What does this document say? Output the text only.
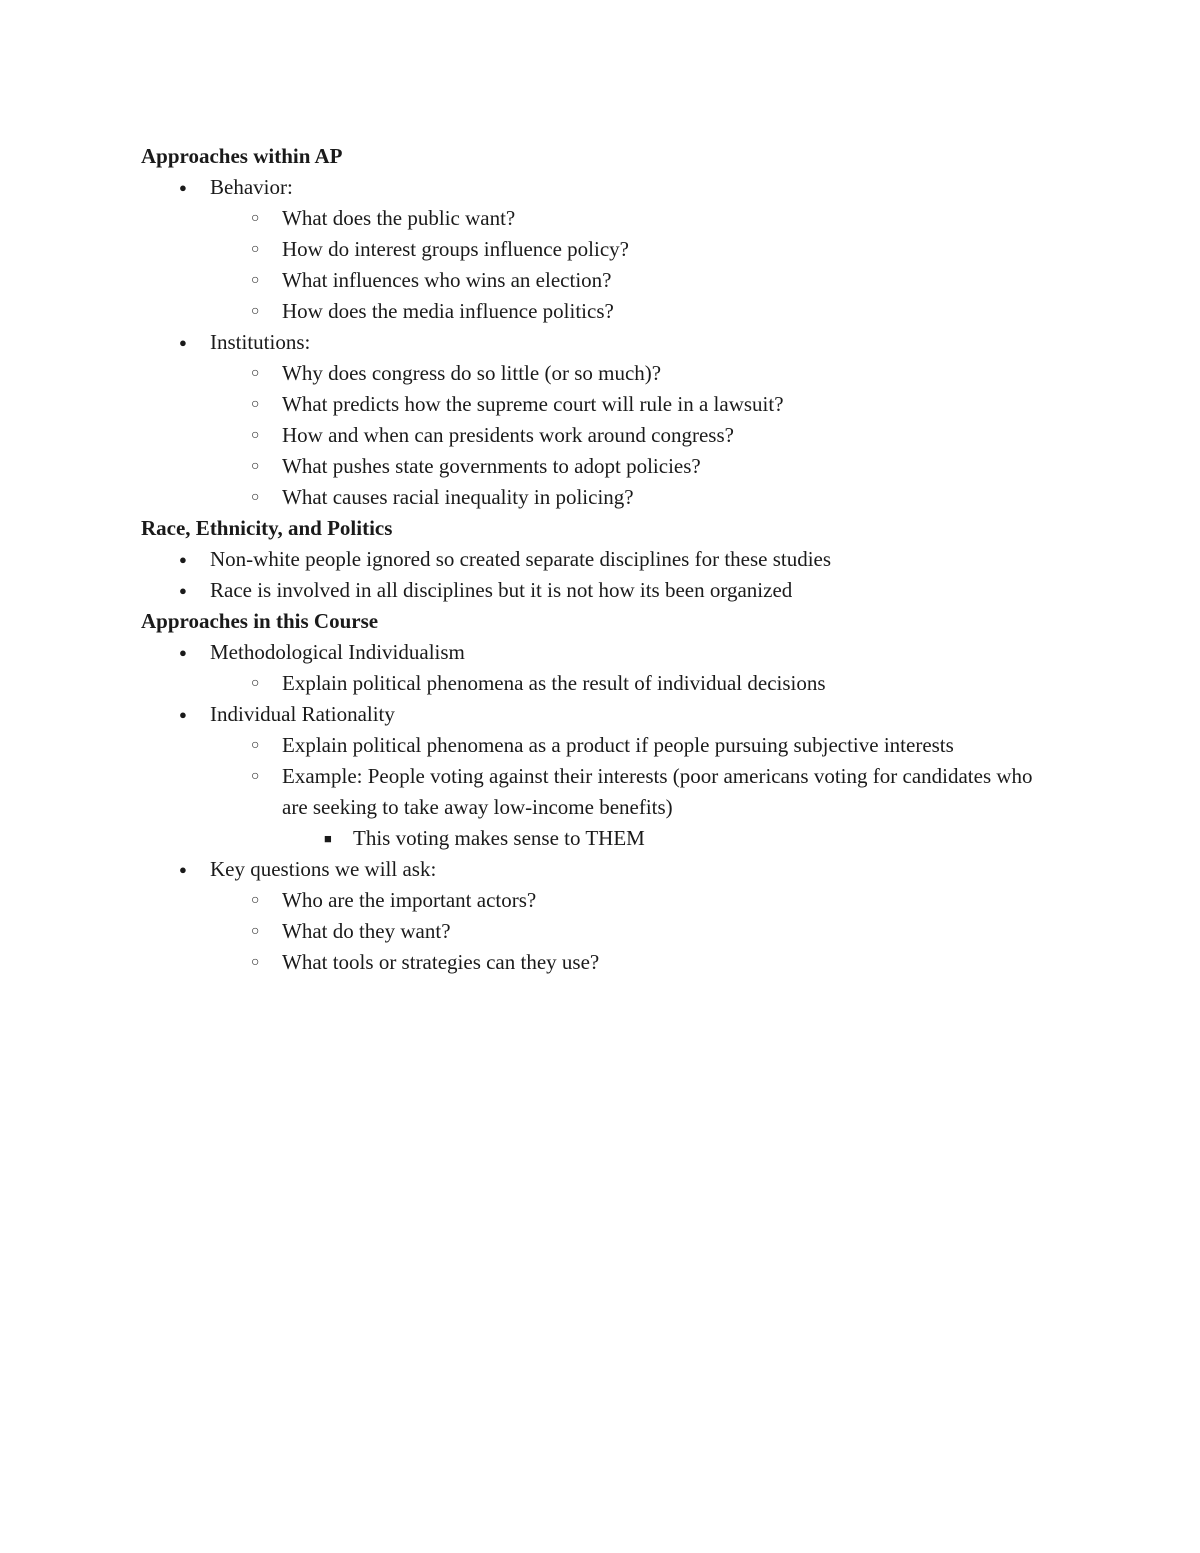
Approaches within AP
● Behavior:
○ What does the public want?
○ How do interest groups influence policy?
○ What influences who wins an election?
○ How does the media influence politics?
● Institutions:
○ Why does congress do so little (or so much)?
○ What predicts how the supreme court will rule in a lawsuit?
○ How and when can presidents work around congress?
○ What pushes state governments to adopt policies?
○ What causes racial inequality in policing?
Race, Ethnicity, and Politics
● Non-white people ignored so created separate disciplines for these studies
● Race is involved in all disciplines but it is not how its been organized
Approaches in this Course
● Methodological Individualism
○ Explain political phenomena as the result of individual decisions
● Individual Rationality
○ Explain political phenomena as a product if people pursuing subjective interests
○ Example: People voting against their interests (poor americans voting for candidates who are seeking to take away low-income benefits)
■ This voting makes sense to THEM
● Key questions we will ask:
○ Who are the important actors?
○ What do they want?
○ What tools or strategies can they use?
